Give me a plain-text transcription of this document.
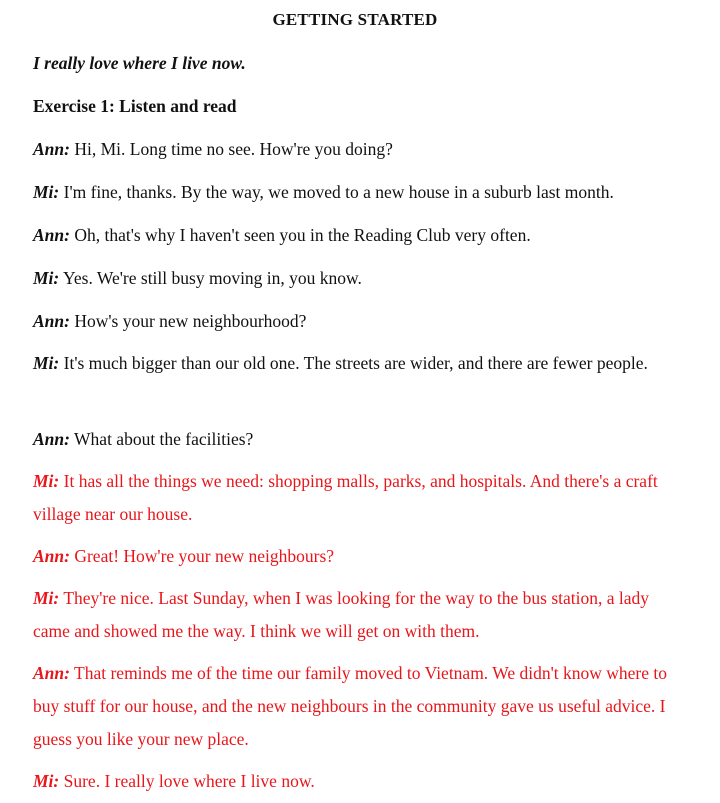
GETTING STARTED
I really love where I live now.
Exercise 1: Listen and read
Ann: Hi, Mi. Long time no see. How're you doing?
Mi: I'm fine, thanks. By the way, we moved to a new house in a suburb last month.
Ann: Oh, that's why I haven't seen you in the Reading Club very often.
Mi: Yes. We're still busy moving in, you know.
Ann: How's your new neighbourhood?
Mi: It's much bigger than our old one. The streets are wider, and there are fewer people.
Ann: What about the facilities?
Mi: It has all the things we need: shopping malls, parks, and hospitals. And there's a craft village near our house.
Ann: Great! How're your new neighbours?
Mi: They're nice. Last Sunday, when I was looking for the way to the bus station, a lady came and showed me the way. I think we will get on with them.
Ann: That reminds me of the time our family moved to Vietnam. We didn't know where to buy stuff for our house, and the new neighbours in the community gave us useful advice. I guess you like your new place.
Mi: Sure. I really love where I live now.
